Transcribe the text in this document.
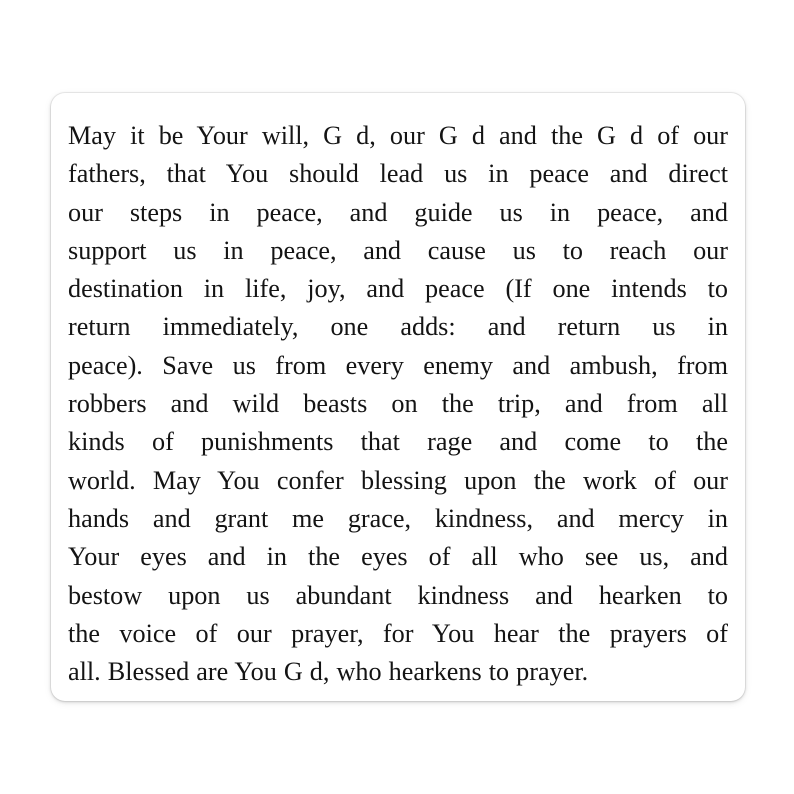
May it be Your will, G d, our G d and the G d of our
fathers, that You should lead us in peace and direct
our steps in peace, and guide us in peace, and
support us in peace, and cause us to reach our
destination in life, joy, and peace (If one intends to
return immediately, one adds: and return us in
peace). Save us from every enemy and ambush, from
robbers and wild beasts on the trip, and from all
kinds of punishments that rage and come to the
world. May You confer blessing upon the work of our
hands and grant me grace, kindness, and mercy in
Your eyes and in the eyes of all who see us, and
bestow upon us abundant kindness and hearken to
the voice of our prayer, for You hear the prayers of
all. Blessed are You G d, who hearkens to prayer.
